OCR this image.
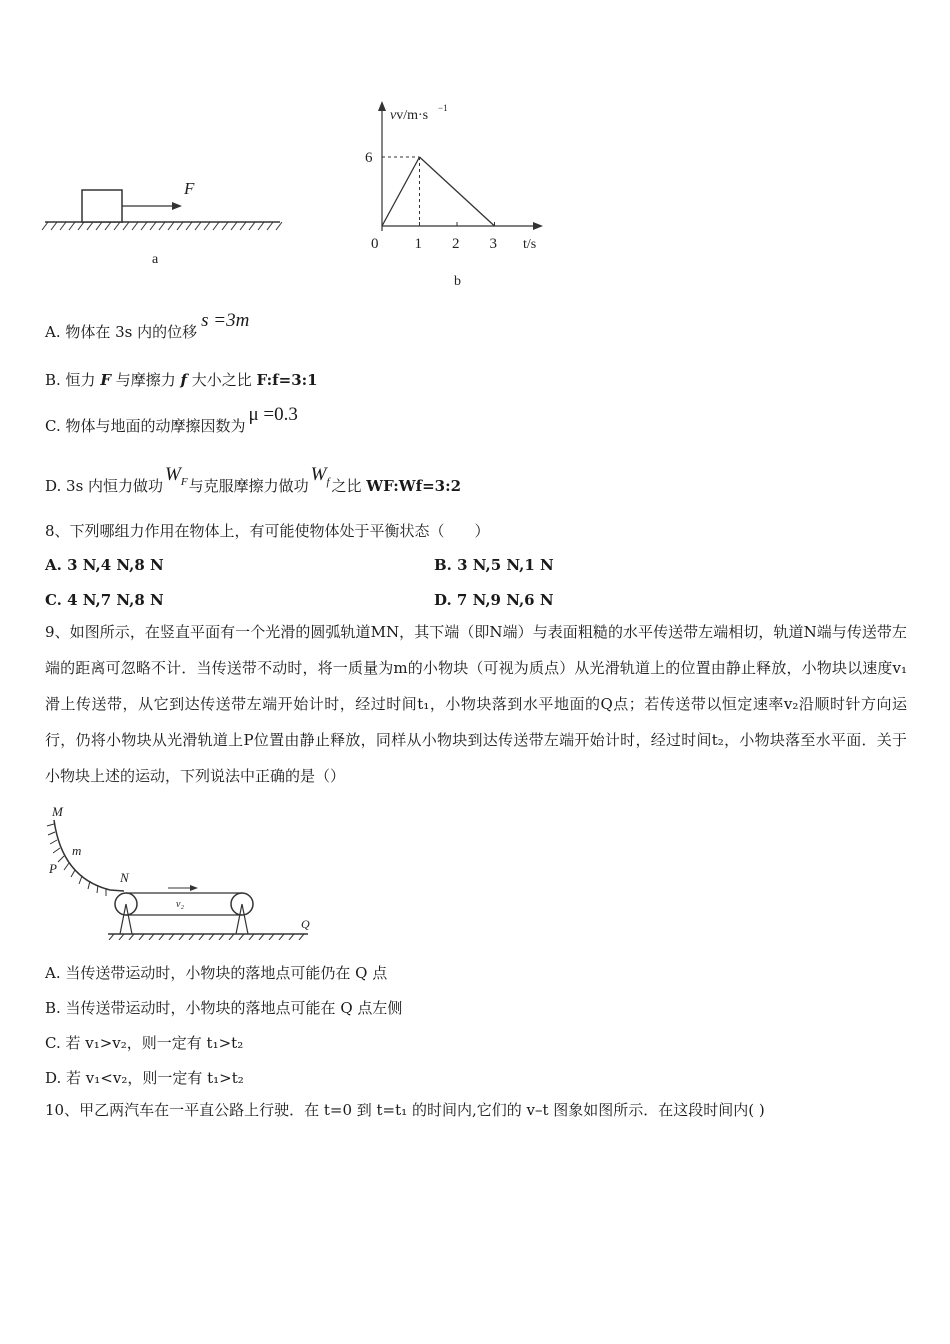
F
a
vv/m·s −1
t/s
0 1 2 3
6
b
A. 物体在 3s 内的位移s =3m
B. 恒力 F 与摩擦力 f 大小之比 F:f=3:1
C. 物体与地面的动摩擦因数为μ =0.3
D. 3s 内恒力做功$W_F$与克服摩擦力做功$W_f$ 之比 WF:Wf=3:2
8、下列哪组力作用在物体上，有可能使物体处于平衡状态（　　）
A. 3 N,4 N,8 N	B. 3 N,5 N,1 N
C. 4 N,7 N,8 N	D. 7 N,9 N,6 N
9、如图所示，在竖直平面有一个光滑的圆弧轨道MN，其下端（即N端）与表面粗糙的水平传送带左端相切，轨道N端与传送带左端的距离可忽略不计．当传送带不动时，将一质量为m的小物块（可视为质点）从光滑轨道上的位置由静止释放，小物块以速度v₁滑上传送带，从它到达传送带左端开始计时，经过时间t₁，小物块落到水平地面的Q点；若传送带以恒定速率v₂沿顺时针方向运行，仍将小物块从光滑轨道上P位置由静止释放，同样从小物块到达传送带左端开始计时，经过时间t₂，小物块落至水平面．关于小物块上述的运动，下列说法中正确的是（）
M
m
P
N
v₂
Q
A. 当传送带运动时，小物块的落地点可能仍在 Q 点
B. 当传送带运动时，小物块的落地点可能在 Q 点左侧
C. 若 v₁>v₂，则一定有 t₁>t₂
D. 若 v₁<v₂，则一定有 t₁>t₂
10、甲乙两汽车在一平直公路上行驶．在 t=0 到 t=t₁ 的时间内,它们的 v–t 图象如图所示．在这段时间内( )
